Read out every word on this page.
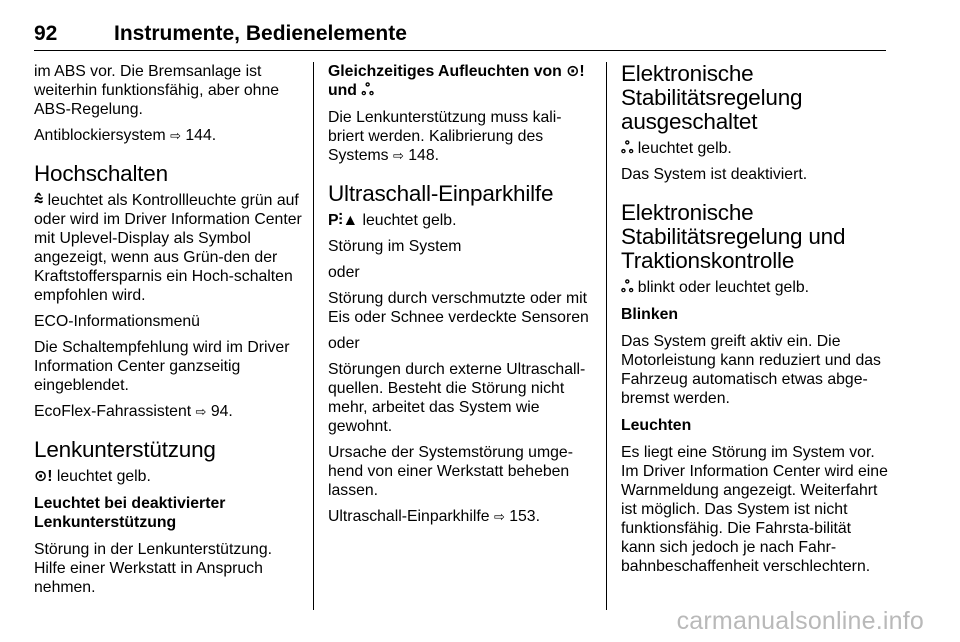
92	Instrumente, Bedienelemente

im ABS vor. Die Bremsanlage ist weiterhin funktionsfähig, aber ohne ABS-Regelung.

Antiblockiersystem ⇨ 144.

Hochschalten

⩯ leuchtet als Kontrollleuchte grün auf oder wird im Driver Information Center mit Uplevel-Display als Symbol angezeigt, wenn aus Grün-den der Kraftstoffersparnis ein Hoch-schalten empfohlen wird.

ECO-Informationsmenü

Die Schaltempfehlung wird im Driver Information Center ganzseitig eingeblendet.

EcoFlex-Fahrassistent ⇨ 94.

Lenkunterstützung

⊙! leuchtet gelb.

Leuchtet bei deaktivierter Lenkunterstützung

Störung in der Lenkunterstützung. Hilfe einer Werkstatt in Anspruch nehmen.

Gleichzeitiges Aufleuchten von ⊙! und ஃ

Die Lenkunterstützung muss kali-briert werden. Kalibrierung des Systems ⇨ 148.

Ultraschall-Einparkhilfe

P⫶▲ leuchtet gelb.

Störung im System

oder

Störung durch verschmutzte oder mit Eis oder Schnee verdeckte Sensoren

oder

Störungen durch externe Ultraschall-quellen. Besteht die Störung nicht mehr, arbeitet das System wie gewohnt.

Ursache der Systemstörung umge-hend von einer Werkstatt beheben lassen.

Ultraschall-Einparkhilfe ⇨ 153.

Elektronische Stabilitätsregelung ausgeschaltet

ஃ leuchtet gelb.

Das System ist deaktiviert.

Elektronische Stabilitätsregelung und Traktionskontrolle

ஃ blinkt oder leuchtet gelb.

Blinken

Das System greift aktiv ein. Die Motorleistung kann reduziert und das Fahrzeug automatisch etwas abge-bremst werden.

Leuchten

Es liegt eine Störung im System vor. Im Driver Information Center wird eine Warnmeldung angezeigt. Weiterfahrt ist möglich. Das System ist nicht funktionsfähig. Die Fahrsta-bilität kann sich jedoch je nach Fahr-bahnbeschaffenheit verschlechtern.

carmanualsonline.info
